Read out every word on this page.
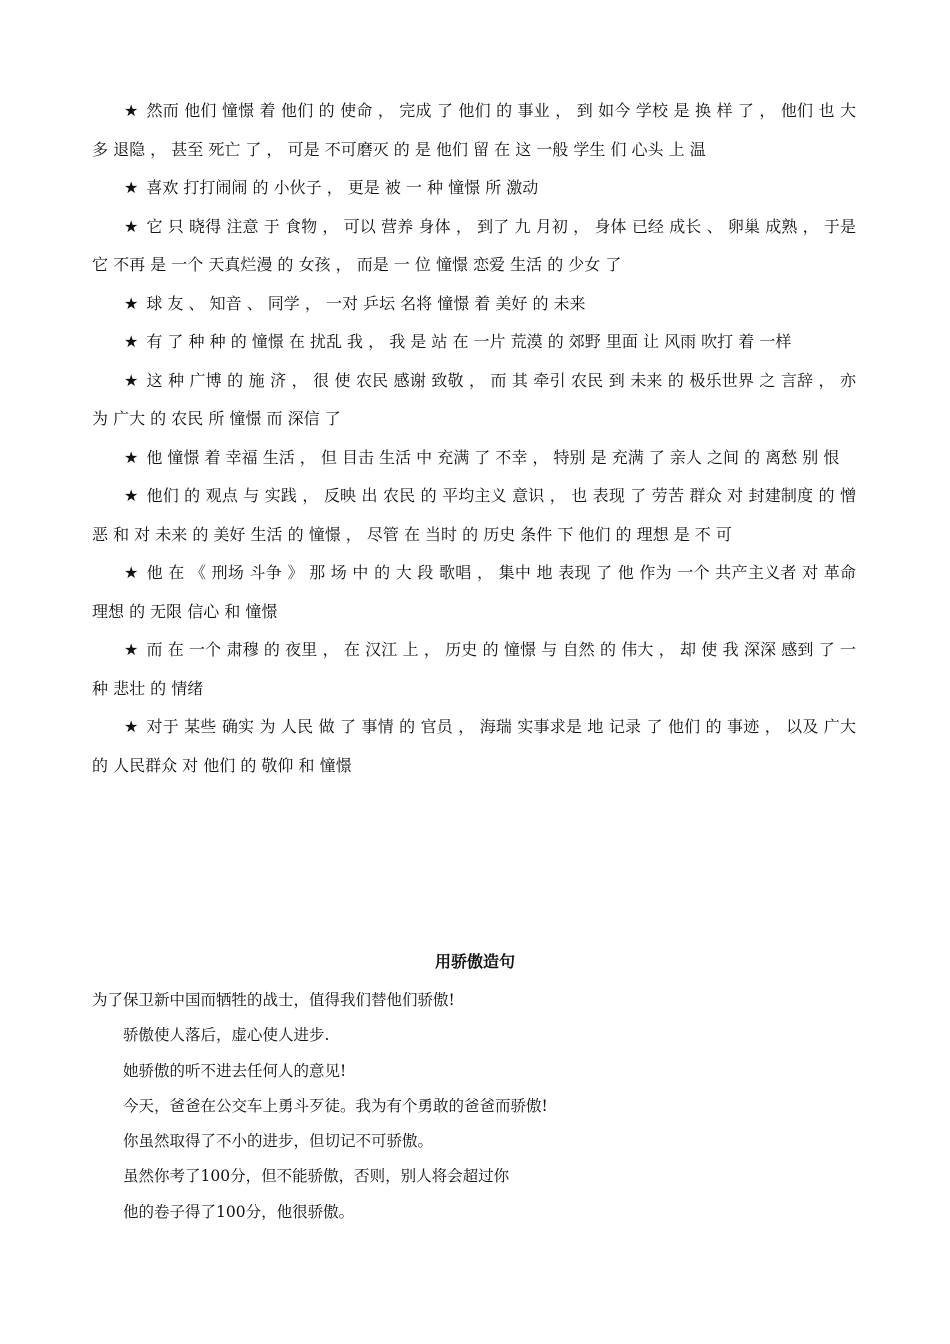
★ 然而 他们 憧憬 着 他们 的 使命 ， 完成 了 他们 的 事业 ， 到 如今 学校 是 换 样 了 ， 他们 也 大多 退隐 ， 甚至 死亡 了 ， 可是 不可磨灭 的 是 他们 留 在 这 一般 学生 们 心头 上 温

★ 喜欢 打打闹闹 的 小伙子 ， 更是 被 一 种 憧憬 所 激动

★ 它 只 晓得 注意 于 食物 ， 可以 营养 身体 ， 到了 九 月初 ， 身体 已经 成长 、 卵巢 成熟 ， 于是 它 不再 是 一个 天真烂漫 的 女孩 ， 而是 一 位 憧憬 恋爱 生活 的 少女 了

★ 球 友 、 知音 、 同学 ， 一对 乒坛 名将 憧憬 着 美好 的 未来

★ 有 了 种 种 的 憧憬 在 扰乱 我 ， 我 是 站 在 一片 荒漠 的 郊野 里面 让 风雨 吹打 着 一样

★ 这 种 广博 的 施 济 ， 很 使 农民 感谢 致敬 ， 而 其 牵引 农民 到 未来 的 极乐世界 之 言辞 ， 亦 为 广大 的 农民 所 憧憬 而 深信 了

★ 他 憧憬 着 幸福 生活 ， 但 目击 生活 中 充满 了 不幸 ， 特别 是 充满 了 亲人 之间 的 离愁 别 恨

★ 他们 的 观点 与 实践 ， 反映 出 农民 的 平均主义 意识 ， 也 表现 了 劳苦 群众 对 封建制度 的 憎恶 和 对 未来 的 美好 生活 的 憧憬 ， 尽管 在 当时 的 历史 条件 下 他们 的 理想 是 不 可

★ 他 在 《 刑场 斗争 》 那 场 中 的 大 段 歌唱 ， 集中 地 表现 了 他 作为 一个 共产主义者 对 革命 理想 的 无限 信心 和 憧憬

★ 而 在 一个 肃穆 的 夜里 ， 在 汉江 上 ， 历史 的 憧憬 与 自然 的 伟大 ， 却 使 我 深深 感到 了 一 种 悲壮 的 情绪

★ 对于 某些 确实 为 人民 做 了 事情 的 官员 ， 海瑞 实事求是 地 记录 了 他们 的 事迹 ， 以及 广大 的 人民群众 对 他们 的 敬仰 和 憧憬

用骄傲造句

为了保卫新中国而牺牲的战士，值得我们替他们骄傲!

骄傲使人落后，虚心使人进步.

她骄傲的听不进去任何人的意见!

今天，爸爸在公交车上勇斗歹徒。我为有个勇敢的爸爸而骄傲!

你虽然取得了不小的进步，但切记不可骄傲。

虽然你考了100分，但不能骄傲，否则，别人将会超过你

他的卷子得了100分，他很骄傲。
